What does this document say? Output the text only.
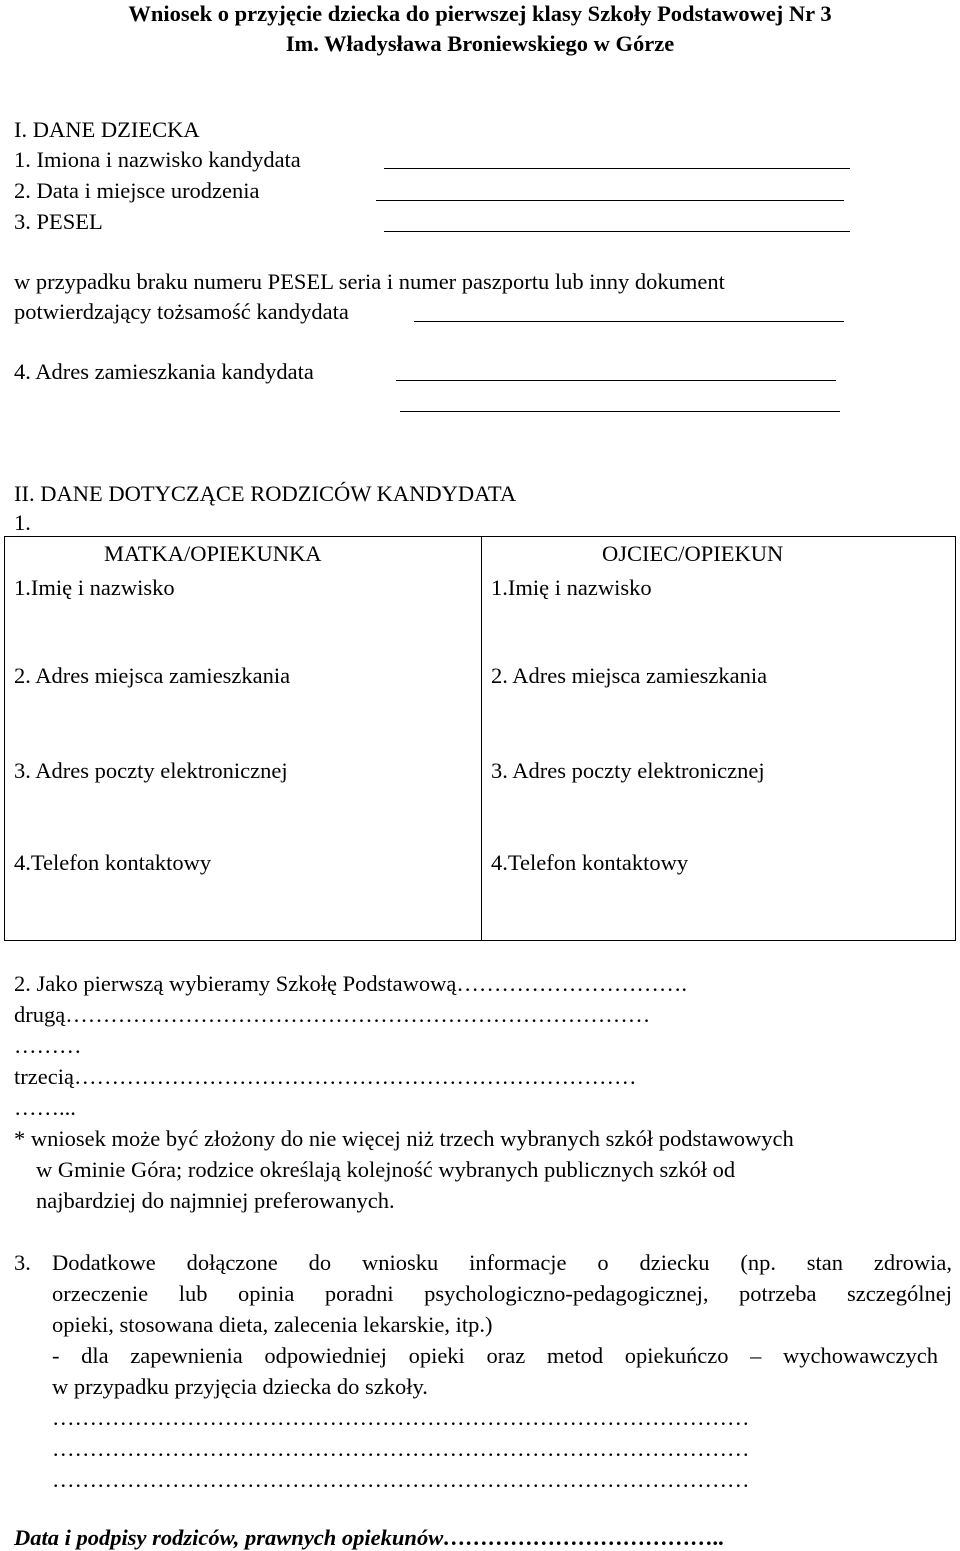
Wniosek o przyjęcie dziecka do pierwszej klasy Szkoły Podstawowej Nr 3
Im. Władysława Broniewskiego w Górze
I. DANE DZIECKA
1. Imiona i nazwisko kandydata
2. Data i miejsce urodzenia
3. PESEL
w przypadku braku numeru PESEL seria i numer paszportu lub inny dokument
potwierdzający tożsamość kandydata
4. Adres zamieszkania kandydata
II. DANE DOTYCZĄCE RODZICÓW KANDYDATA
1.
MATKA/OPIEKUNKA
1.Imię i nazwisko
2. Adres miejsca zamieszkania
3. Adres poczty elektronicznej
4.Telefon kontaktowy
OJCIEC/OPIEKUN
1.Imię i nazwisko
2. Adres miejsca zamieszkania
3. Adres poczty elektronicznej
4.Telefon kontaktowy
2. Jako pierwszą wybieramy Szkołę Podstawową………………………….
drugą……………………………………………………………………
………
trzecią…………………………………………………………………
……...
* wniosek może być złożony do nie więcej niż trzech wybranych szkół podstawowych
w Gminie Góra; rodzice określają kolejność wybranych publicznych szkół od
najbardziej do najmniej preferowanych.
3. Dodatkowe dołączone do wniosku informacje o dziecku (np. stan zdrowia,
orzeczenie lub opinia poradni psychologiczno-pedagogicznej, potrzeba szczególnej
opieki, stosowana dieta, zalecenia lekarskie, itp.)
- dla zapewnienia odpowiedniej opieki oraz metod opiekuńczo – wychowawczych
w przypadku przyjęcia dziecka do szkoły.
…………………………………………………………………………………
…………………………………………………………………………………
…………………………………………………………………………………
Data i podpisy rodziców, prawnych opiekunów………………………………..
